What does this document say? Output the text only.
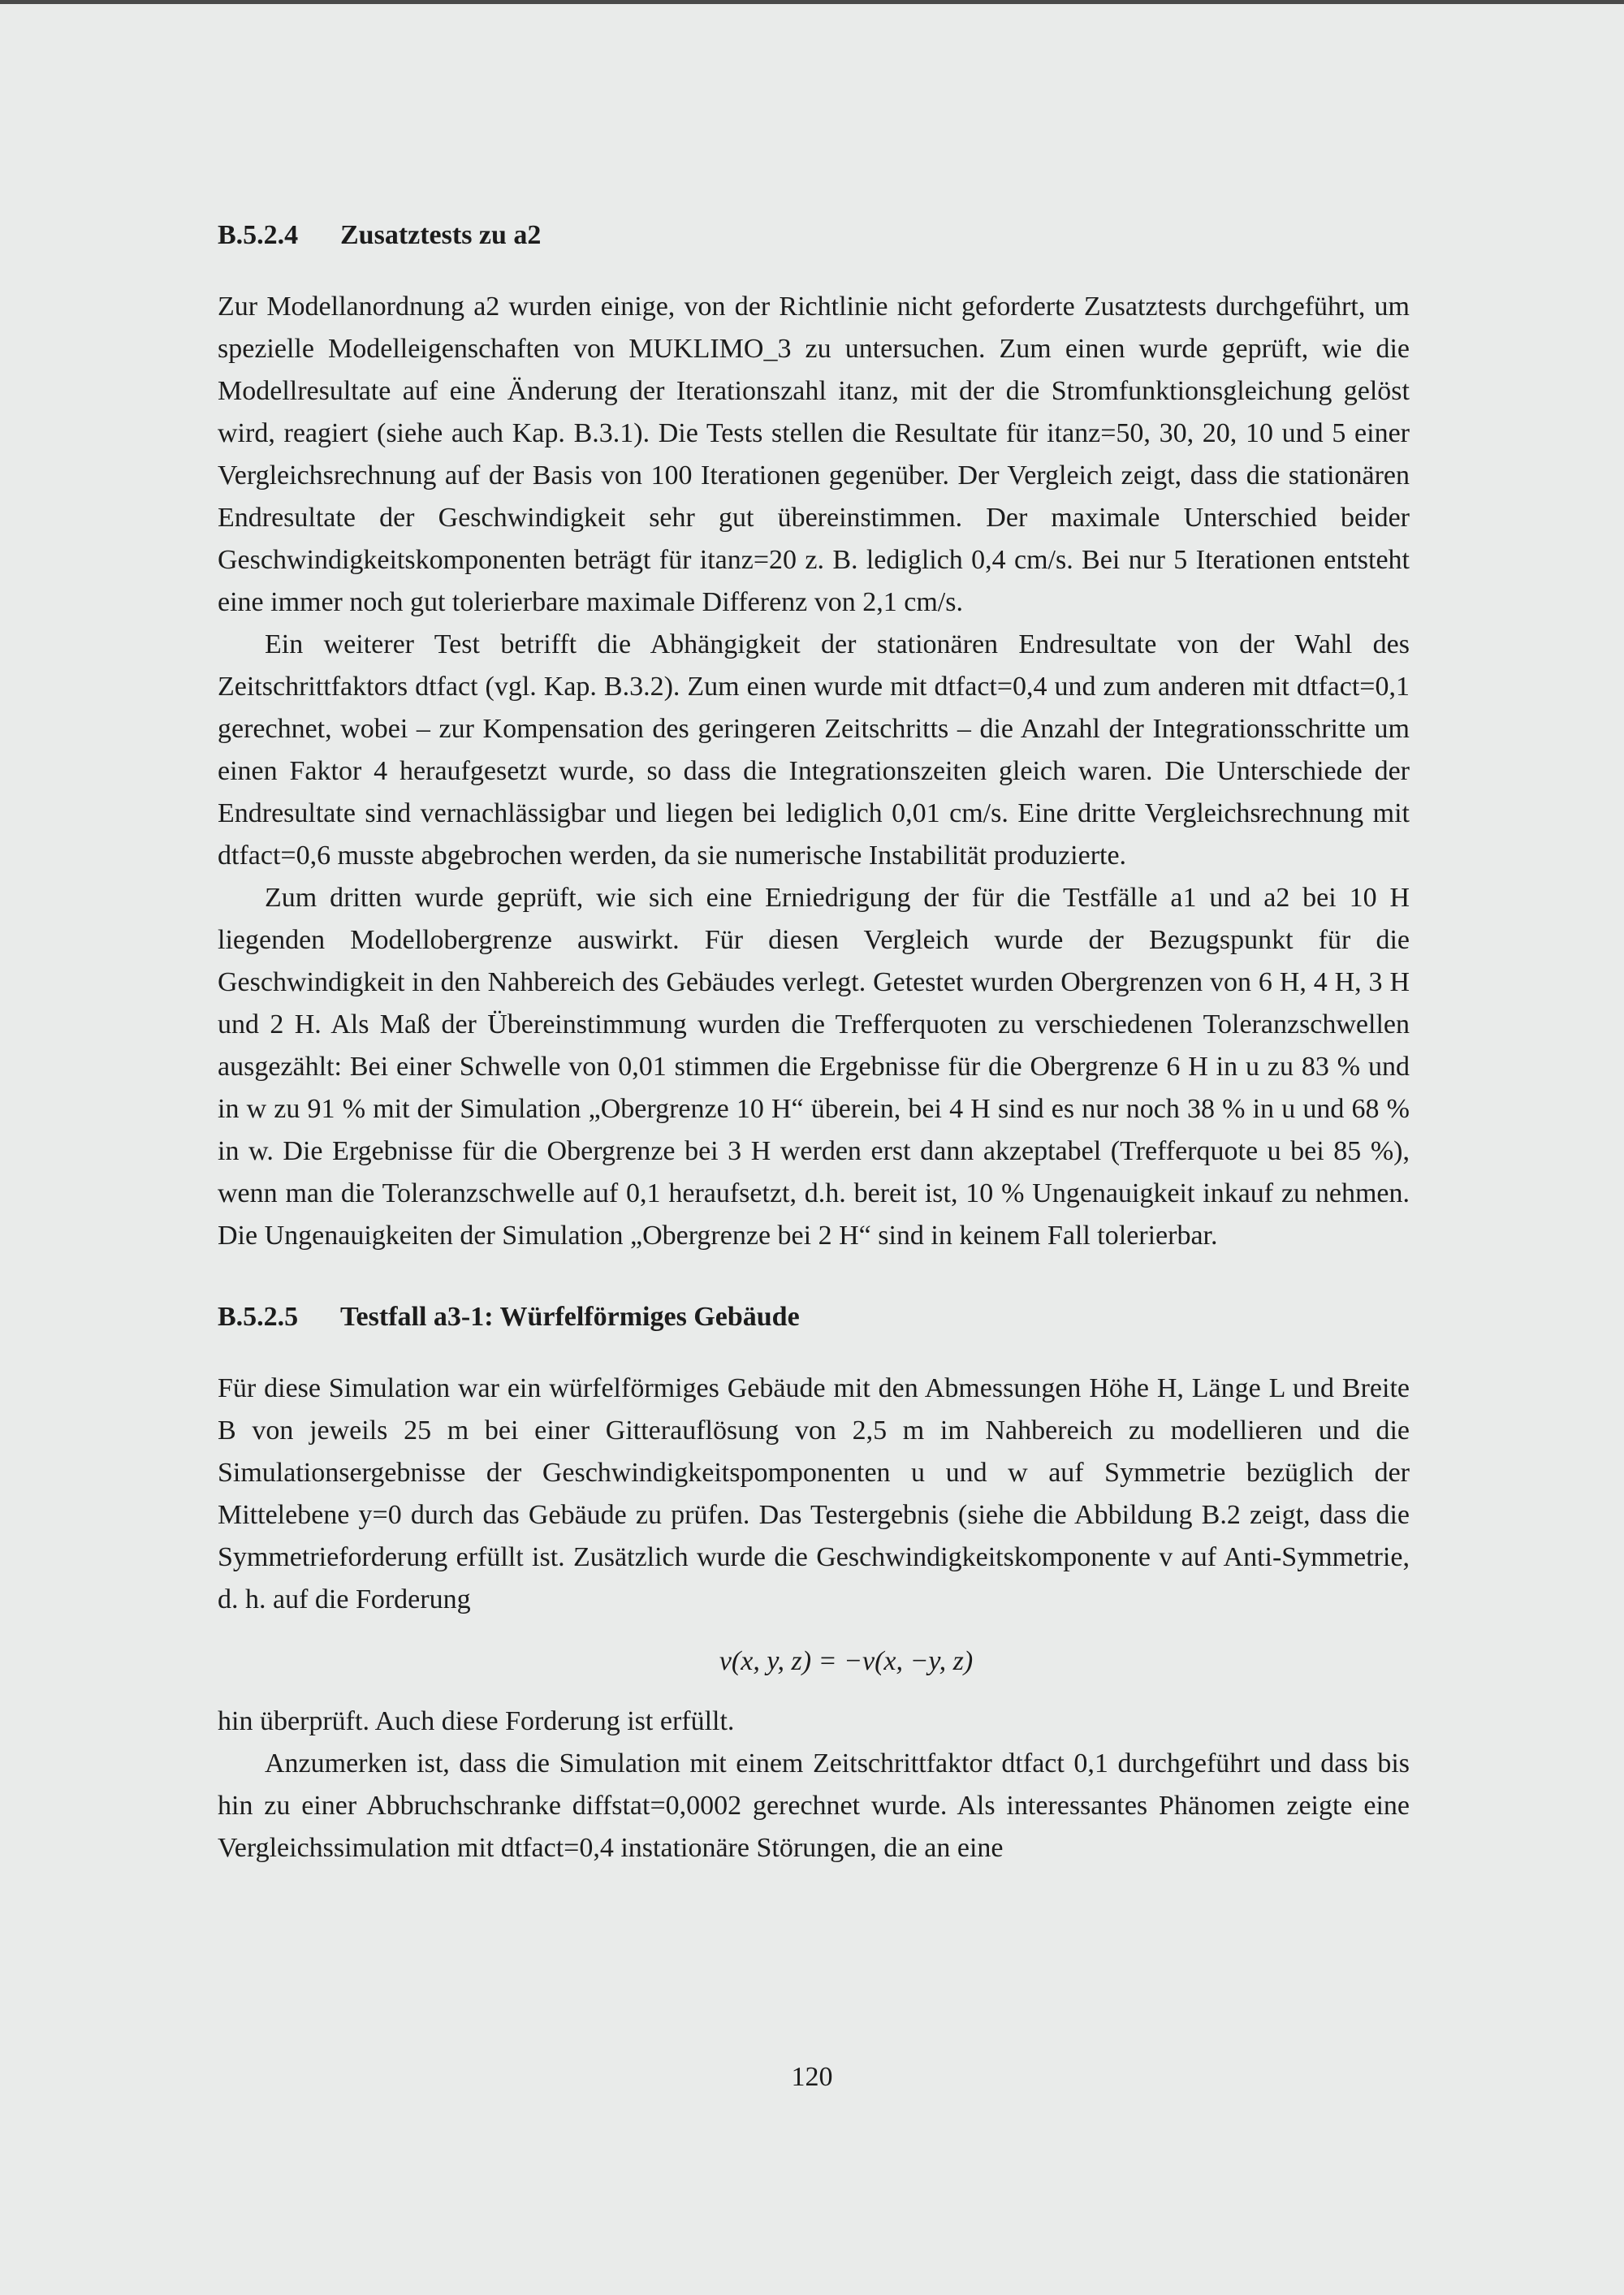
B.5.2.4 Zusatztests zu a2

Zur Modellanordnung a2 wurden einige, von der Richtlinie nicht geforderte Zusatztests durchgeführt, um spezielle Modelleigenschaften von MUKLIMO_3 zu untersuchen. Zum einen wurde geprüft, wie die Modellresultate auf eine Änderung der Iterationszahl itanz, mit der die Stromfunktionsgleichung gelöst wird, reagiert (siehe auch Kap. B.3.1). Die Tests stellen die Resultate für itanz=50, 30, 20, 10 und 5 einer Vergleichsrechnung auf der Basis von 100 Iterationen gegenüber. Der Vergleich zeigt, dass die stationären Endresultate der Geschwindigkeit sehr gut übereinstimmen. Der maximale Unterschied beider Geschwindigkeitskomponenten beträgt für itanz=20 z. B. lediglich 0,4 cm/s. Bei nur 5 Iterationen entsteht eine immer noch gut tolerierbare maximale Differenz von 2,1 cm/s.

Ein weiterer Test betrifft die Abhängigkeit der stationären Endresultate von der Wahl des Zeitschrittfaktors dtfact (vgl. Kap. B.3.2). Zum einen wurde mit dtfact=0,4 und zum anderen mit dtfact=0,1 gerechnet, wobei – zur Kompensation des geringeren Zeitschritts – die Anzahl der Integrationsschritte um einen Faktor 4 heraufgesetzt wurde, so dass die Integrationszeiten gleich waren. Die Unterschiede der Endresultate sind vernachlässigbar und liegen bei lediglich 0,01 cm/s. Eine dritte Vergleichsrechnung mit dtfact=0,6 musste abgebrochen werden, da sie numerische Instabilität produzierte.

Zum dritten wurde geprüft, wie sich eine Erniedrigung der für die Testfälle a1 und a2 bei 10 H liegenden Modellobergrenze auswirkt. Für diesen Vergleich wurde der Bezugspunkt für die Geschwindigkeit in den Nahbereich des Gebäudes verlegt. Getestet wurden Obergrenzen von 6 H, 4 H, 3 H und 2 H. Als Maß der Übereinstimmung wurden die Trefferquoten zu verschiedenen Toleranzschwellen ausgezählt: Bei einer Schwelle von 0,01 stimmen die Ergebnisse für die Obergrenze 6 H in u zu 83 % und in w zu 91 % mit der Simulation „Obergrenze 10 H“ überein, bei 4 H sind es nur noch 38 % in u und 68 % in w. Die Ergebnisse für die Obergrenze bei 3 H werden erst dann akzeptabel (Trefferquote u bei 85 %), wenn man die Toleranzschwelle auf 0,1 heraufsetzt, d.h. bereit ist, 10 % Ungenauigkeit inkauf zu nehmen. Die Ungenauigkeiten der Simulation „Obergrenze bei 2 H“ sind in keinem Fall tolerierbar.

B.5.2.5 Testfall a3-1: Würfelförmiges Gebäude

Für diese Simulation war ein würfelförmiges Gebäude mit den Abmessungen Höhe H, Länge L und Breite B von jeweils 25 m bei einer Gitterauflösung von 2,5 m im Nahbereich zu modellieren und die Simulationsergebnisse der Geschwindigkeitspomponenten u und w auf Symmetrie bezüglich der Mittelebene y=0 durch das Gebäude zu prüfen. Das Testergebnis (siehe die Abbildung B.2 zeigt, dass die Symmetrieforderung erfüllt ist. Zusätzlich wurde die Geschwindigkeitskomponente v auf Anti-Symmetrie, d. h. auf die Forderung

v(x, y, z) = −v(x, −y, z)

hin überprüft. Auch diese Forderung ist erfüllt.

Anzumerken ist, dass die Simulation mit einem Zeitschrittfaktor dtfact 0,1 durchgeführt und dass bis hin zu einer Abbruchschranke diffstat=0,0002 gerechnet wurde. Als interessantes Phänomen zeigte eine Vergleichssimulation mit dtfact=0,4 instationäre Störungen, die an eine

120
